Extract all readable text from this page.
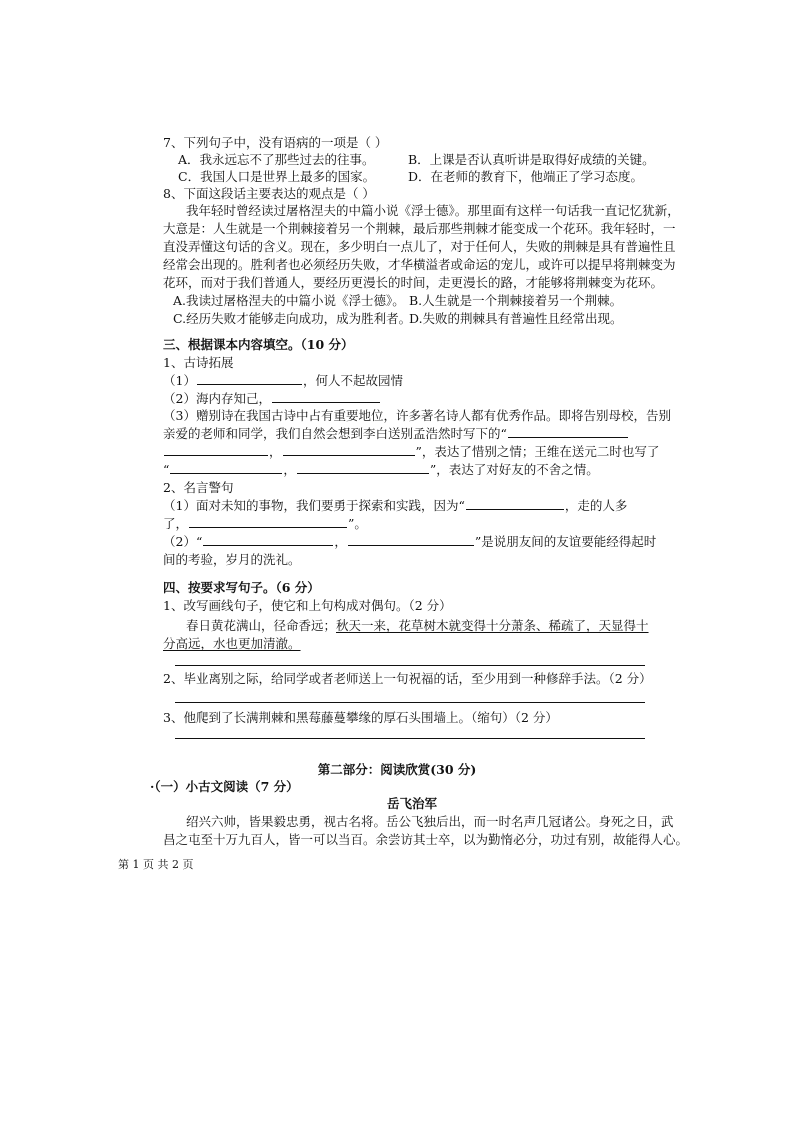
7、下列句子中，没有语病的一项是（ ）
A．我永远忘不了那些过去的往事。	B．上课是否认真听讲是取得好成绩的关键。
C．我国人口是世界上最多的国家。	D．在老师的教育下，他端正了学习态度。
8、下面这段话主要表达的观点是（ ）
我年轻时曾经读过屠格涅夫的中篇小说《浮士德》。那里面有这样一句话我一直记忆犹新，
大意是：人生就是一个荆棘接着另一个荆棘，最后那些荆棘才能变成一个花环。我年轻时，一
直没弄懂这句话的含义。现在，多少明白一点儿了，对于任何人，失败的荆棘是具有普遍性且
经常会出现的。胜利者也必须经历失败，才华横溢者或命运的宠儿，或许可以提早将荆棘变为
花环，而对于我们普通人，要经历更漫长的时间，走更漫长的路，才能够将荆棘变为花环。
A.我读过屠格涅夫的中篇小说《浮士德》。 B.人生就是一个荆棘接着另一个荆棘。
C.经历失败才能够走向成功，成为胜利者。
D.失败的荆棘具有普遍性且经常出现。
三、根据课本内容填空。（10 分）
1、古诗拓展
（1）	，何人不起故园情
（2）海内存知己，
（3）赠别诗在我国古诗中占有重要地位，许多著名诗人都有优秀作品。即将告别母校，告别
亲爱的老师和同学，我们自然会想到李白送别孟浩然时写下的“
，	”，表达了惜别之情；王维在送元二时也写了
“	，	”，表达了对好友的不舍之情。
2、名言警句
（1）面对未知的事物，我们要勇于探索和实践，因为“	，走的人多
了，	”。
（2）“	，	”是说朋友间的友谊要能经得起时
间的考验，岁月的洗礼。
四、按要求写句子。（6 分）
1、改写画线句子，使它和上句构成对偶句。（2 分）
春日黄花满山，径命香远；秋天一来，花草树木就变得十分萧条、稀疏了，天显得十
分高远，水也更加清澈。
2、毕业离别之际，给同学或者老师送上一句祝福的话，至少用到一种修辞手法。（2 分）
3、他爬到了长满荆棘和黑莓藤蔓攀缘的厚石头围墙上。（缩句）（2 分）
第二部分：阅读欣赏(30 分)
·（一）小古文阅读（7 分）
岳飞治军
绍兴六帅，皆果毅忠勇，视古名将。岳公飞独后出，而一时名声几冠诸公。身死之日，武
昌之屯至十万九百人，皆一可以当百。余尝访其士卒，以为勤惰必分，功过有别，故能得人心。
第 1 页 共 2 页
